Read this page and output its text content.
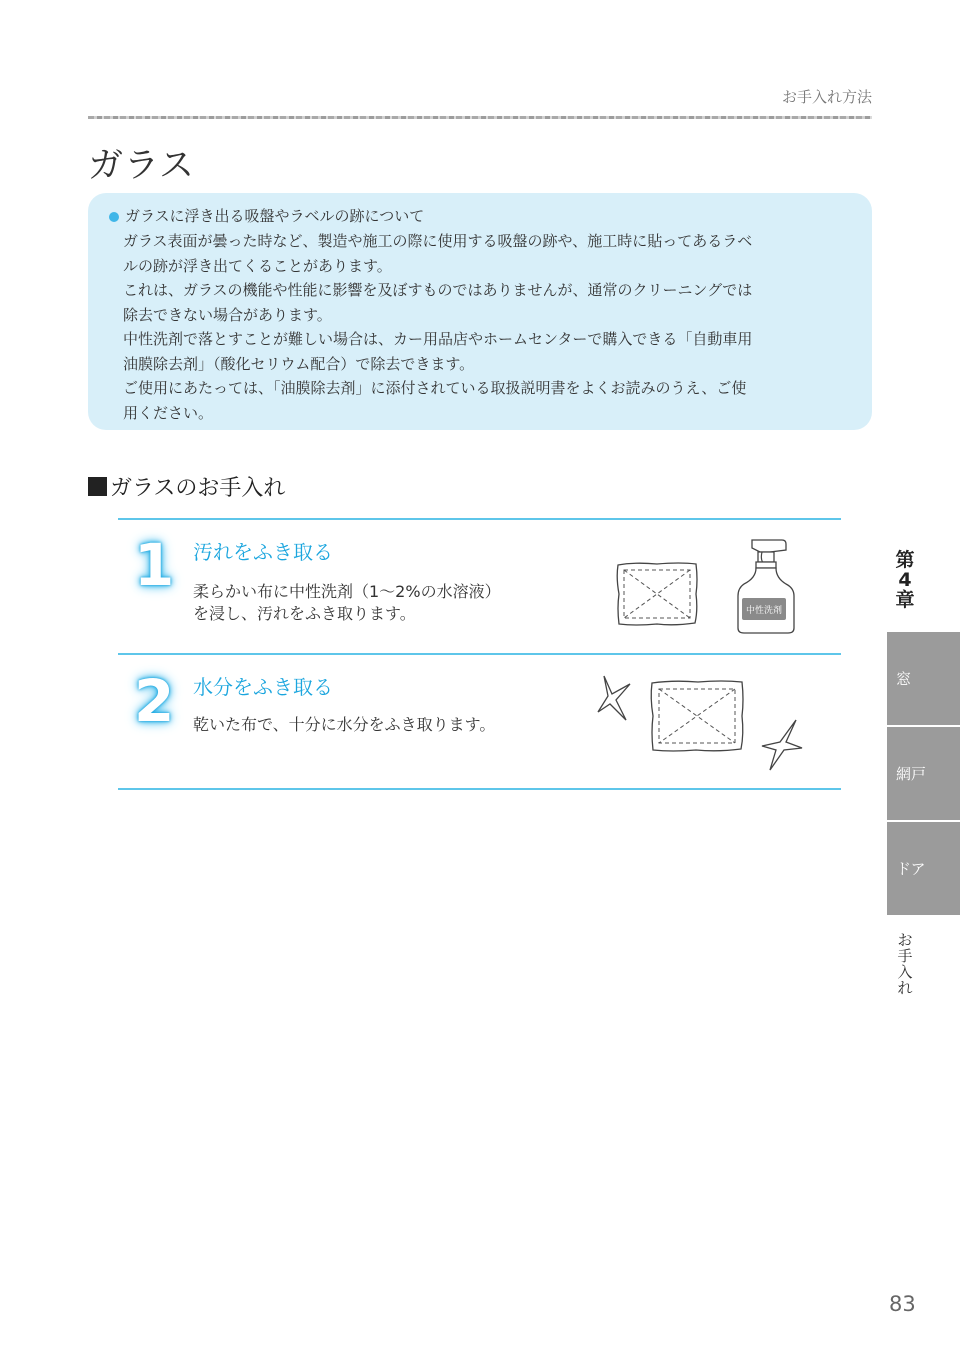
お手入れ方法
ガラス
ガラスに浮き出る吸盤やラベルの跡について

ガラス表面が曇った時など、製造や施工の際に使用する吸盤の跡や、施工時に貼ってあるラベ

ルの跡が浮き出てくることがあります。

これは、ガラスの機能や性能に影響を及ぼすものではありませんが、通常のクリーニングでは

除去できない場合があります。

中性洗剤で落とすことが難しい場合は、カー用品店やホームセンターで購入できる「自動車用

油膜除去剤」（酸化セリウム配合）で除去できます。

ご使用にあたっては、「油膜除去剤」に添付されている取扱説明書をよくお読みのうえ、ご使

用ください。

ガラスのお手入れ
1 汚れをふき取る

柔らかい布に中性洗剤（1～2%の水溶液）
を浸し、汚れをふき取ります。	中性洗剤
2 水分をふき取る

乾いた布で、十分に水分をふき取ります。

第
4
章
窓
網戸
ドア
お
手
入
れ
83
